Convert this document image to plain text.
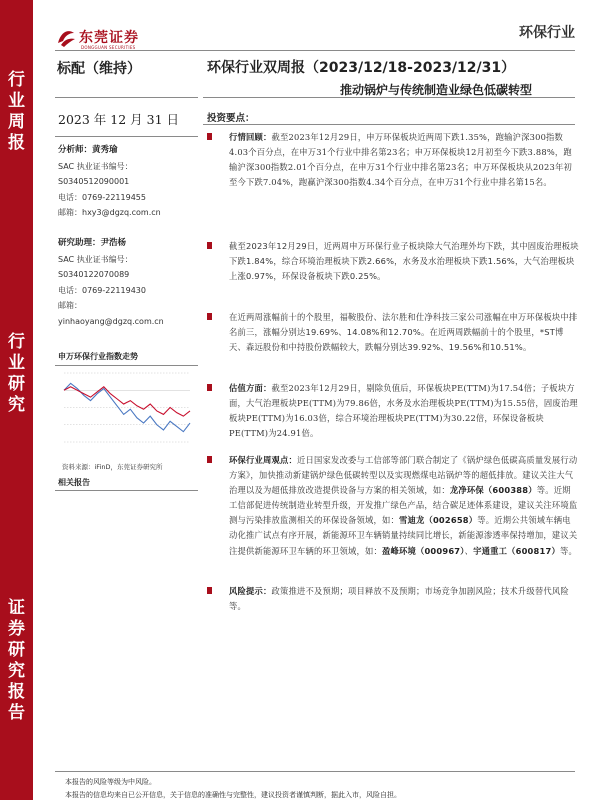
行业周报
行业研究
证券研究报告
东莞证券
DONGGUAN SECURITIES
环保行业
标配（维持）	环保行业双周报（2023/12/18-2023/12/31）
推动锅炉与传统制造业绿色低碳转型
2023 年 12 月 31 日
分析师：黄秀瑜
SAC 执业证书编号：
S0340512090001
电话：0769-22119455
邮箱：hxy3@dgzq.com.cn
研究助理：尹浩杨
SAC 执业证书编号：
S0340122070089
电话：0769-22119430
邮箱：
yinhaoyang@dgzq.com.cn
申万环保行业指数走势
资料来源：iFinD，东莞证券研究所
相关报告
投资要点：
行情回顾：截至2023年12月29日，申万环保板块近两周下跌1.35%，跑输沪深300指数4.03个百分点，在申万31个行业中排名第23名；申万环保板块12月初至今下跌3.88%，跑输沪深300指数2.01个百分点，在申万31个行业中排名第23名；申万环保板块从2023年初至今下跌7.04%，跑赢沪深300指数4.34个百分点，在申万31个行业中排名第15名。
截至2023年12月29日，近两周申万环保行业子板块除大气治理外均下跌，其中固废治理板块下跌1.84%，综合环境治理板块下跌2.66%，水务及水治理板块下跌1.56%，大气治理板块上涨0.97%，环保设备板块下跌0.25%。
在近两周涨幅前十的个股里，福鞍股份、法尔胜和仕净科技三家公司涨幅在申万环保板块中排名前三，涨幅分别达19.69%、14.08%和12.70%。在近两周跌幅前十的个股里，*ST博天、森远股份和中持股份跌幅较大，跌幅分别达39.92%、19.56%和10.51%。
估值方面：截至2023年12月29日，剔除负值后，环保板块PE(TTM)为17.54倍；子板块方面，大气治理板块PE(TTM)为79.86倍，水务及水治理板块PE(TTM)为15.55倍，固废治理板块PE(TTM)为16.03倍，综合环境治理板块PE(TTM)为30.22倍，环保设备板块PE(TTM)为24.91倍。
环保行业周观点：近日国家发改委与工信部等部门联合制定了《锅炉绿色低碳高质量发展行动方案》，加快推动新建锅炉绿色低碳转型以及实现燃煤电站锅炉等的超低排放。建议关注大气治理以及为超低排放改造提供设备与方案的相关领域，如：龙净环保（600388）等。近期工信部促进传统制造业转型升级，开发推广绿色产品，结合碳足迹体系建设，建议关注环境监测与污染排放监测相关的环保设备领域，如：雪迪龙（002658）等。近期公共领域车辆电动化推广试点有序开展，新能源环卫车辆销量持续同比增长，新能源渗透率保持增加，建议关注提供新能源环卫车辆的环卫领域，如：盈峰环境（000967）、宇通重工（600817）等。
风险提示：政策推进不及预期；项目释放不及预期；市场竞争加剧风险；技术升级替代风险等。
本报告的风险等级为中风险。
本报告的信息均来自已公开信息，关于信息的准确性与完整性，建议投资者谨慎判断，据此入市，风险自担。
